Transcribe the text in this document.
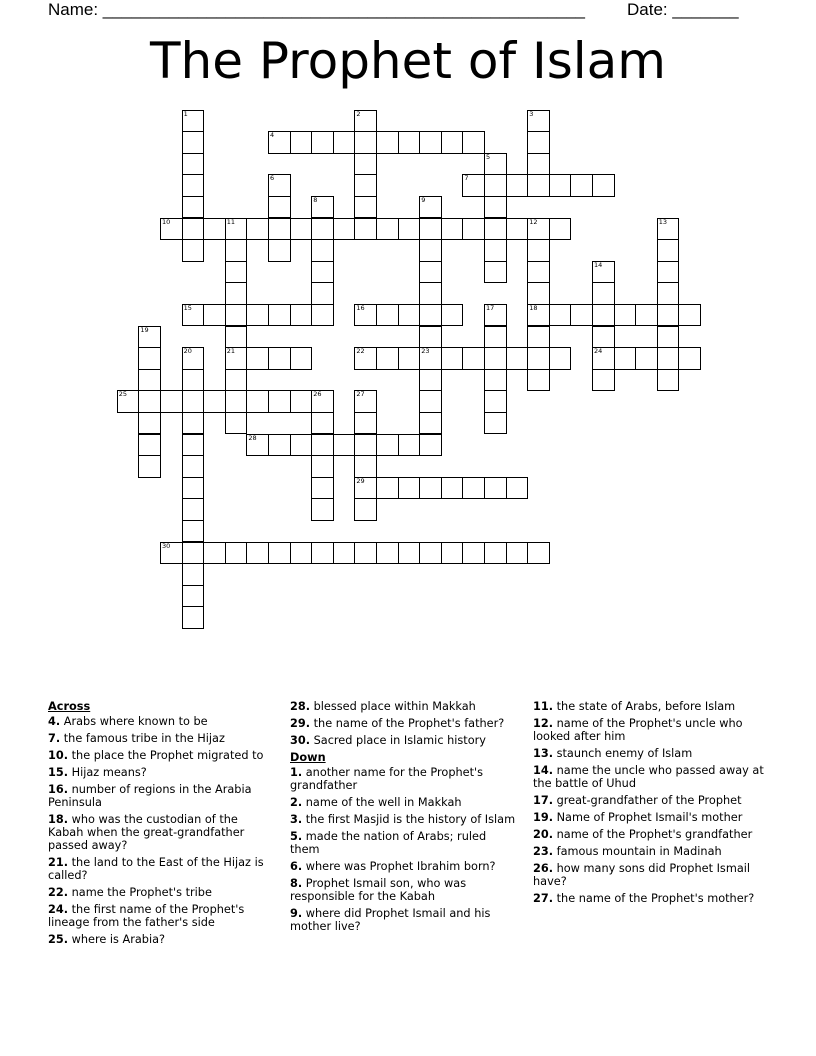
Name: ___________________________________________________ Date: _______
The Prophet of Islam
1	2	3
4
5
6	7
8	9
23
10	11	12
21
18
13
14
24
15	16	17
19
20	22
25	26	27
29
28
30
Across
4. Arabs where known to be
7. the famous tribe in the Hijaz
10. the place the Prophet migrated to
15. Hijaz means?
16. number of regions in the Arabia Peninsula
18. who was the custodian of the Kabah when the great-grandfather passed away?
21. the land to the East of the Hijaz is called?
22. name the Prophet's tribe
24. the first name of the Prophet's lineage from the father's side
25. where is Arabia?
28. blessed place within Makkah
29. the name of the Prophet's father?
30. Sacred place in Islamic history
Down
1. another name for the Prophet's grandfather
2. name of the well in Makkah
3. the first Masjid is the history of Islam
5. made the nation of Arabs; ruled them
6. where was Prophet Ibrahim born?
8. Prophet Ismail son, who was responsible for the Kabah
9. where did Prophet Ismail and his mother live?
11. the state of Arabs, before Islam
12. name of the Prophet's uncle who looked after him
13. staunch enemy of Islam
14. name the uncle who passed away at the battle of Uhud
17. great-grandfather of the Prophet
19. Name of Prophet Ismail's mother
20. name of the Prophet's grandfather
23. famous mountain in Madinah
26. how many sons did Prophet Ismail have?
27. the name of the Prophet's mother?
